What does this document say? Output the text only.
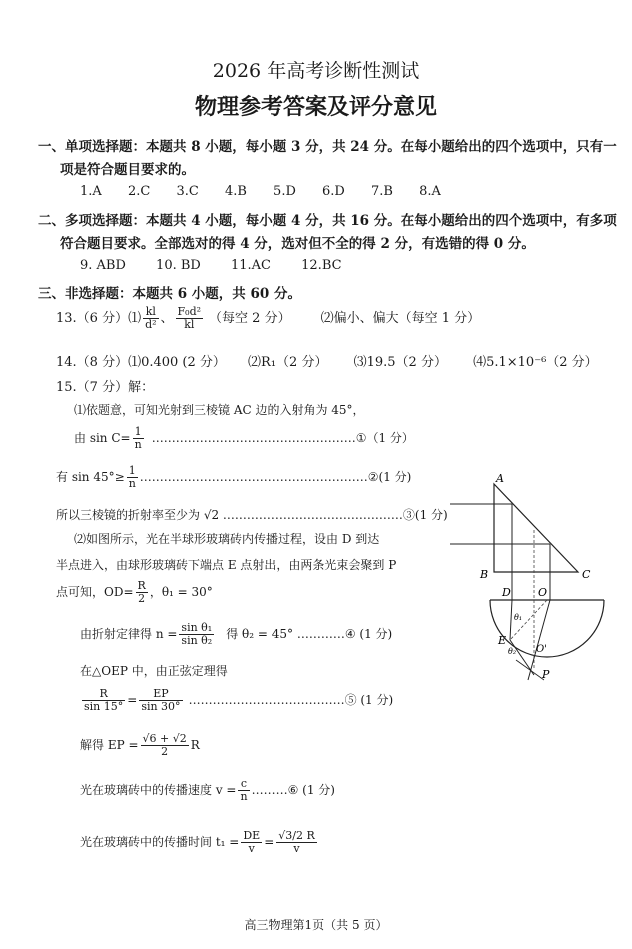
2026 年高考诊断性测试
物理参考答案及评分意见
一、单项选择题：本题共 8 小题，每小题 3 分，共 24 分。在每小题给出的四个选项中，只有一
项是符合题目要求的。
1.A 2.C 3.C 4.B 5.D 6.D 7.B 8.A
二、多项选择题：本题共 4 小题，每小题 4 分，共 16 分。在每小题给出的四个选项中，有多项
符合题目要求。全部选对的得 4 分，选对但不全的得 2 分，有选错的得 0 分。
9. ABD 10. BD 11.AC 12.BC
三、非选择题：本题共 6 小题，共 60 分。
13.（6 分）⑴ $\frac{kl}{\text{d²}}$ 、 $\frac{\text{F₀d²}}{kl}$ （每空 2 分） ⑵偏小、偏大（每空 1 分）
14.（8 分）⑴0.400 (2 分） ⑵R₁（2 分） ⑶19.5（2 分） ⑷5.1×10⁻⁶（2 分）
15.（7 分）解：
⑴依题意，可知光射到三棱镜 AC 边的入射角为 45°，
由 $\sin C= \frac{1}{n}$ ……………………………………………①（1 分）
有 $\sin 45^\circ\ge \frac{1}{n}$ …………………………………………………②(1 分)
所以三棱镜的折射率至少为 √2 ………………………………………③(1 分)
⑵如图所示，光在半球形玻璃砖内传播过程，设由 D 到达
半点进入，由球形玻璃砖下端点 E 点射出，由两条光束会聚到 P
点可知，$OD= \frac{R}{2}$ ，θ₁ = 30°
由折射定律得 $n = \frac{\text{sin θ₁}}{\text{sin θ₂}}$ 得 θ₂ = 45° …………④ (1 分)
在△OEP 中，由正弦定理得
$\frac{R}{\sin 15^\circ} = \frac{EP}{\sin 30^\circ}$ …………………………………⑤ (1 分)
解得 EP = $\frac{√6 + √2}{2}$ R
光在玻璃砖中的传播速度 $v = \frac{c}{n}$ ………⑥ (1 分)
光在玻璃砖中的传播时间 $t_1 = \frac{DE}{v} = \frac{√3/2 R}{v}$
A
B	C
D O
E
O'
P
θ₁
θ₂
高三物理第1页（共 5 页）
